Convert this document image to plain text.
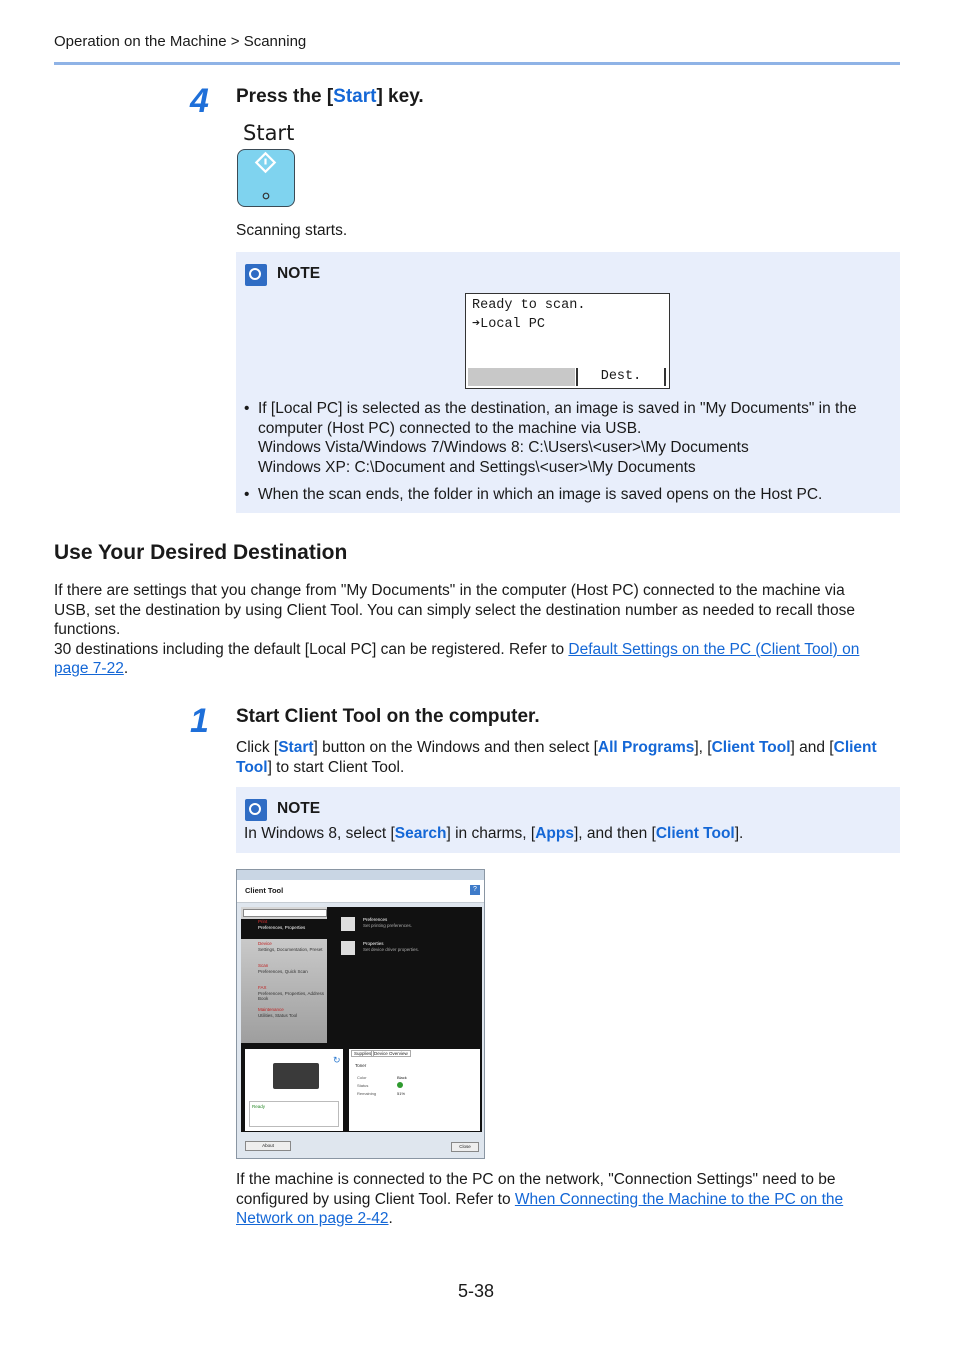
Operation on the Machine > Scanning
4 Press the [Start] key.
Start
Scanning starts.
NOTE
Ready to scan.
➔Local PC
Dest.
• If [Local PC] is selected as the destination, an image is saved in "My Documents" in the
computer (Host PC) connected to the machine via USB.
Windows Vista/Windows 7/Windows 8: C:\Users\<user>\My Documents
Windows XP: C:\Document and Settings\<user>\My Documents
• When the scan ends, the folder in which an image is saved opens on the Host PC.
Use Your Desired Destination
If there are settings that you change from "My Documents" in the computer (Host PC) connected to the machine via
USB, set the destination by using Client Tool. You can simply select the destination number as needed to recall those
functions.
30 destinations including the default [Local PC] can be registered. Refer to Default Settings on the PC (Client Tool) on
page 7-22.
1 Start Client Tool on the computer.
Click [Start] button on the Windows and then select [All Programs], [Client Tool] and [Client
Tool] to start Client Tool.
NOTE
In Windows 8, select [Search] in charms, [Apps], and then [Client Tool].
Client Tool	?
Print
Preferences, Properties
Device
Settings, Documentation, Preset
Scan
Preferences, Quick Scan
FAX
Preferences, Properties, Address Book
Maintenance
Utilities, Status Tool
Preferences
Set printing preferences.
Properties
Set device driver properties.
↻
Ready
Supplies Device Overview
Toner
Color	Black
Status
Remaining	51%
About	Close
If the machine is connected to the PC on the network, "Connection Settings" need to be
configured by using Client Tool. Refer to When Connecting the Machine to the PC on the
Network on page 2-42.
5-38
